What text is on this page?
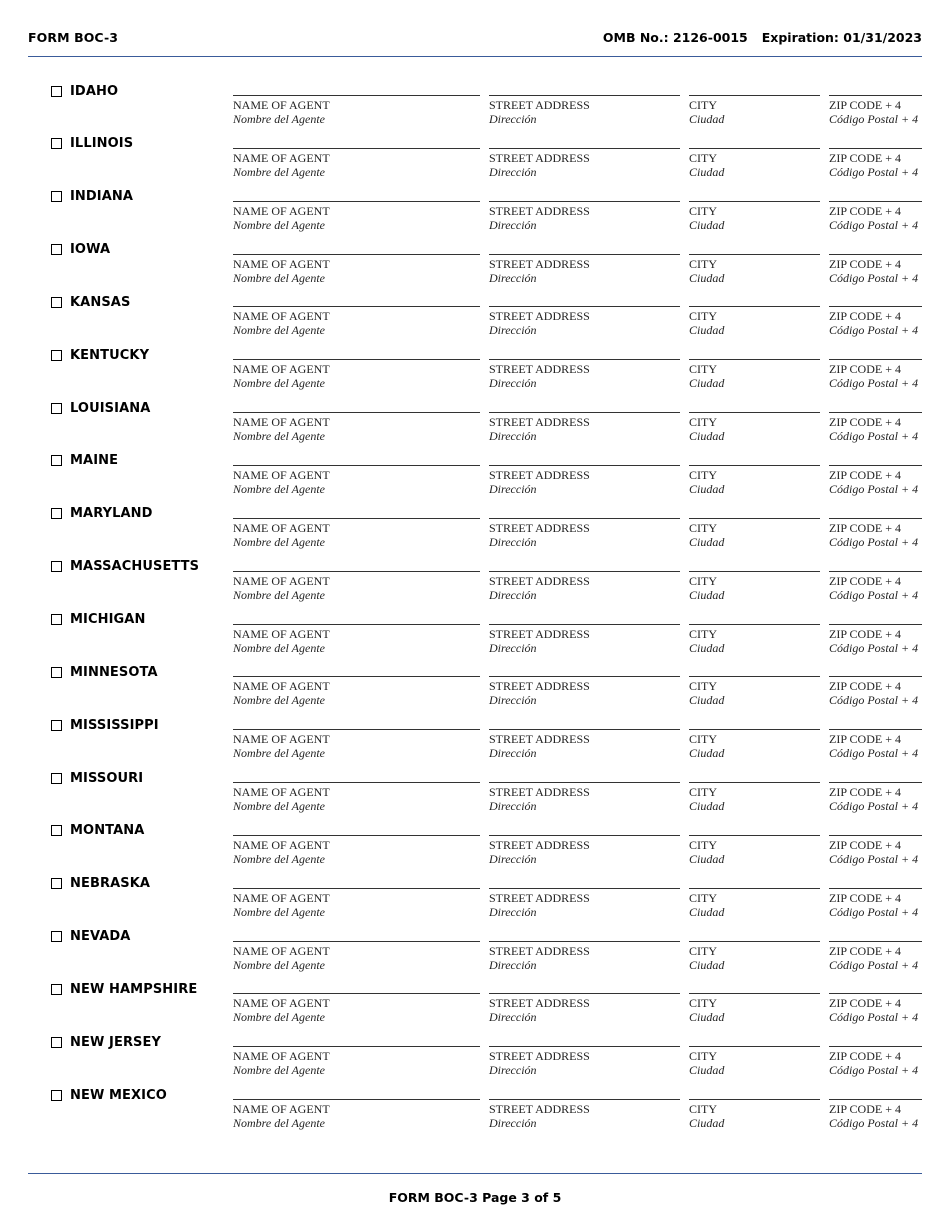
FORM BOC-3	OMB No.: 2126-0015 Expiration: 01/31/2023
IDAHO
NAME OF AGENT
Nombre del Agente
STREET ADDRESS
Dirección
CITY
Ciudad
ZIP CODE + 4
Código Postal + 4
ILLINOIS
NAME OF AGENT
Nombre del Agente
STREET ADDRESS
Dirección
CITY
Ciudad
ZIP CODE + 4
Código Postal + 4
INDIANA
NAME OF AGENT
Nombre del Agente
STREET ADDRESS
Dirección
CITY
Ciudad
ZIP CODE + 4
Código Postal + 4
IOWA
NAME OF AGENT
Nombre del Agente
STREET ADDRESS
Dirección
CITY
Ciudad
ZIP CODE + 4
Código Postal + 4
KANSAS
NAME OF AGENT
Nombre del Agente
STREET ADDRESS
Dirección
CITY
Ciudad
ZIP CODE + 4
Código Postal + 4
KENTUCKY
NAME OF AGENT
Nombre del Agente
STREET ADDRESS
Dirección
CITY
Ciudad
ZIP CODE + 4
Código Postal + 4
LOUISIANA
NAME OF AGENT
Nombre del Agente
STREET ADDRESS
Dirección
CITY
Ciudad
ZIP CODE + 4
Código Postal + 4
MAINE
NAME OF AGENT
Nombre del Agente
STREET ADDRESS
Dirección
CITY
Ciudad
ZIP CODE + 4
Código Postal + 4
MARYLAND
NAME OF AGENT
Nombre del Agente
STREET ADDRESS
Dirección
CITY
Ciudad
ZIP CODE + 4
Código Postal + 4
MASSACHUSETTS
NAME OF AGENT
Nombre del Agente
STREET ADDRESS
Dirección
CITY
Ciudad
ZIP CODE + 4
Código Postal + 4
MICHIGAN
NAME OF AGENT
Nombre del Agente
STREET ADDRESS
Dirección
CITY
Ciudad
ZIP CODE + 4
Código Postal + 4
MINNESOTA
NAME OF AGENT
Nombre del Agente
STREET ADDRESS
Dirección
CITY
Ciudad
ZIP CODE + 4
Código Postal + 4
MISSISSIPPI
NAME OF AGENT
Nombre del Agente
STREET ADDRESS
Dirección
CITY
Ciudad
ZIP CODE + 4
Código Postal + 4
MISSOURI
NAME OF AGENT
Nombre del Agente
STREET ADDRESS
Dirección
CITY
Ciudad
ZIP CODE + 4
Código Postal + 4
MONTANA
NAME OF AGENT
Nombre del Agente
STREET ADDRESS
Dirección
CITY
Ciudad
ZIP CODE + 4
Código Postal + 4
NEBRASKA
NAME OF AGENT
Nombre del Agente
STREET ADDRESS
Dirección
CITY
Ciudad
ZIP CODE + 4
Código Postal + 4
NEVADA
NAME OF AGENT
Nombre del Agente
STREET ADDRESS
Dirección
CITY
Ciudad
ZIP CODE + 4
Código Postal + 4
NEW HAMPSHIRE
NAME OF AGENT
Nombre del Agente
STREET ADDRESS
Dirección
CITY
Ciudad
ZIP CODE + 4
Código Postal + 4
NEW JERSEY
NAME OF AGENT
Nombre del Agente
STREET ADDRESS
Dirección
CITY
Ciudad
ZIP CODE + 4
Código Postal + 4
NEW MEXICO
NAME OF AGENT
Nombre del Agente
STREET ADDRESS
Dirección
CITY
Ciudad
ZIP CODE + 4
Código Postal + 4
FORM BOC-3 Page 3 of 5
